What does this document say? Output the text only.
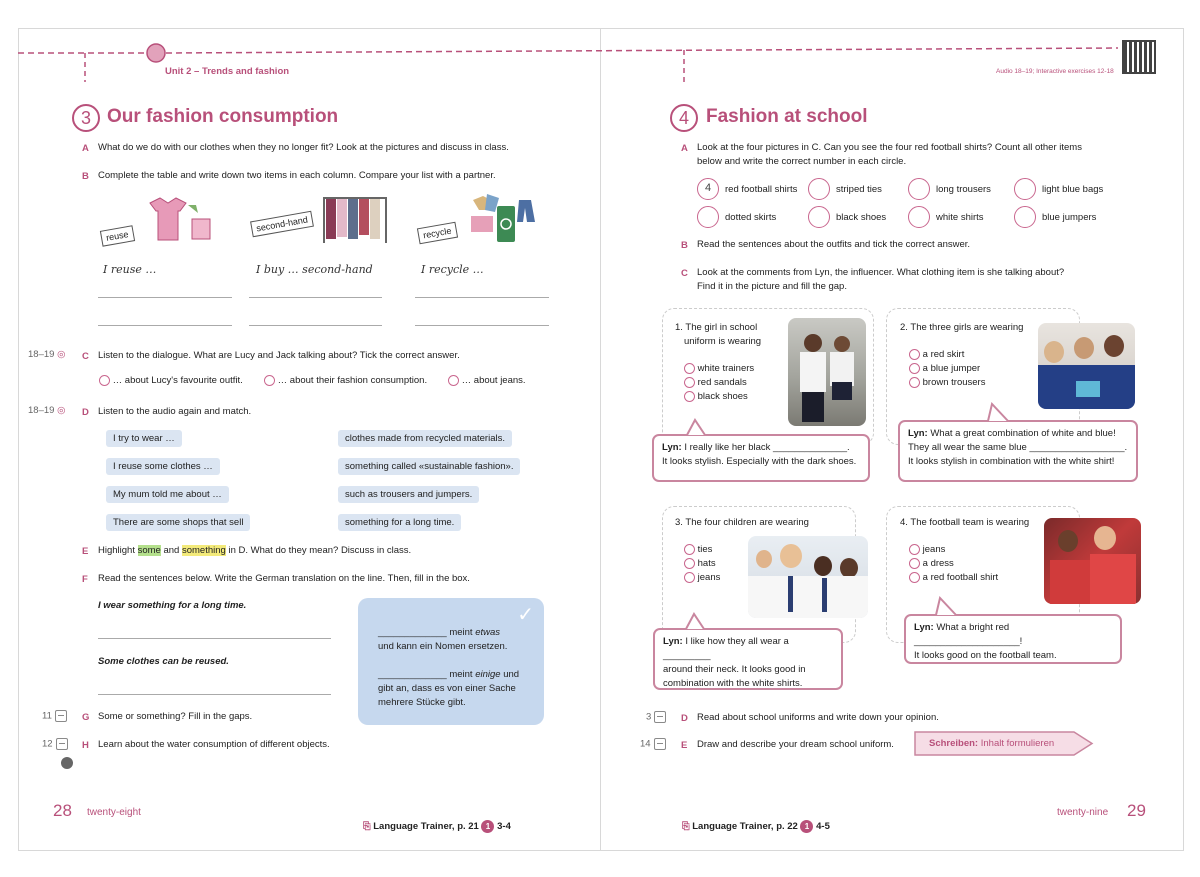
Unit 2 – Trends and fashion
3 Our fashion consumption
A What do we do with our clothes when they no longer fit? Look at the pictures and discuss in class.
B Complete the table and write down two items in each column. Compare your list with a partner.
reuse
second-hand	recycle
I reuse …	I buy … second-hand	I recycle …
18–19 ◎ C Listen to the dialogue. What are Lucy and Jack talking about? Tick the correct answer.
… about Lucy's favourite outfit.	… about their fashion consumption.	… about jeans.
18–19 ◎ D Listen to the audio again and match.
I try to wear …
I reuse some clothes …
My mum told me about …
There are some shops that sell
clothes made from recycled materials.
something called «sustainable fashion».
such as trousers and jumpers.
something for a long time.
E Highlight some and something in D. What do they mean? Discuss in class.
F Read the sentences below. Write the German translation on the line. Then, fill in the box.
I wear something for a long time.
Some clothes can be reused.
✓
_____________ meint etwas
und kann ein Nomen ersetzen.
_____________ meint einige und
gibt an, dass es von einer Sache
mehrere Stücke gibt.
11	G Some or something? Fill in the gaps.
12	H Learn about the water consumption of different objects.
28 twenty-eight
⎘ Language Trainer, p. 21 1 3-4
Audio 18–19; Interactive exercises 12-18
4 Fashion at school
A Look at the four pictures in C. Can you see the four red football shirts? Count all other items
below and write the correct number in each circle.
4	red football shirts	striped ties	long trousers	light blue bags
dotted skirts	black shoes	white shirts	blue jumpers
B Read the sentences about the outfits and tick the correct answer.
C Look at the comments from Lyn, the influencer. What clothing item is she talking about?
Find it in the picture and fill the gap.
1. The girl in school
uniform is wearing
white trainers
red sandals
black shoes
Lyn: I really like her black ______________.
It looks stylish. Especially with the dark shoes.
2. The three girls are wearing
a red skirt
a blue jumper
brown trousers
Lyn: What a great combination of white and blue!
They all wear the same blue __________________.
It looks stylish in combination with the white shirt!
3. The four children are wearing
ties
hats
jeans
Lyn: I like how they all wear a _________
around their neck. It looks good in
combination with the white shirts.
4. The football team is wearing
jeans
a dress
a red football shirt
Lyn: What a bright red ____________________!
It looks good on the football team.
3	D Read about school uniforms and write down your opinion.
14	E Draw and describe your dream school uniform.	Schreiben: Inhalt formulieren
twenty-nine 29
⎘ Language Trainer, p. 22 1 4-5
